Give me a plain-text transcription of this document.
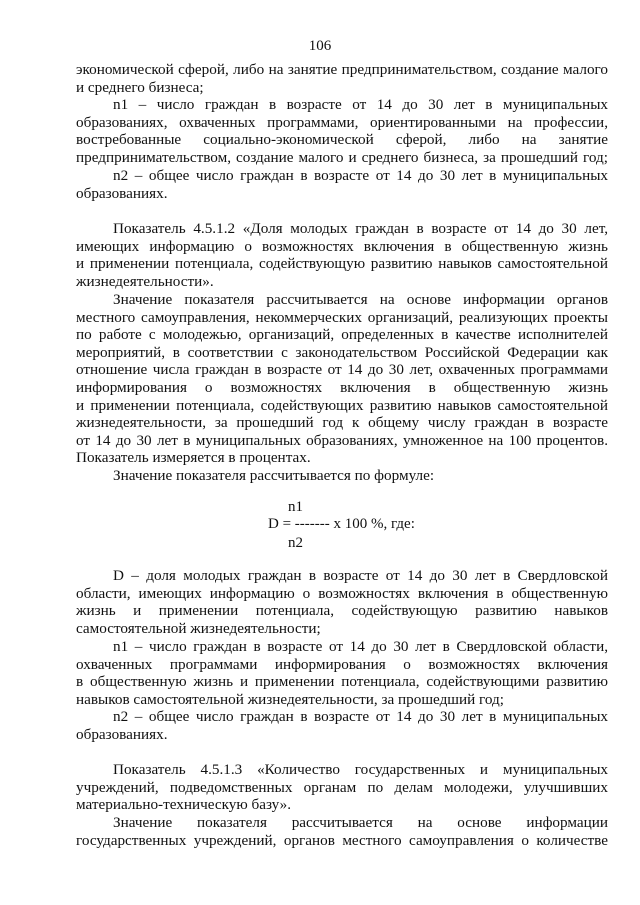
106
экономической сферой, либо на занятие предпринимательством, создание малого
и среднего бизнеса;
n1 – число граждан в возрасте от 14 до 30 лет в муниципальных
образованиях, охваченных программами, ориентированными на профессии,
востребованные социально-экономической сферой, либо на занятие
предпринимательством, создание малого и среднего бизнеса, за прошедший год;
n2 – общее число граждан в возрасте от 14 до 30 лет в муниципальных
образованиях.
Показатель 4.5.1.2 «Доля молодых граждан в возрасте от 14 до 30 лет,
имеющих информацию о возможностях включения в общественную жизнь
и применении потенциала, содействующую развитию навыков самостоятельной
жизнедеятельности».
Значение показателя рассчитывается на основе информации органов
местного самоуправления, некоммерческих организаций, реализующих проекты
по работе с молодежью, организаций, определенных в качестве исполнителей
мероприятий, в соответствии с законодательством Российской Федерации как
отношение числа граждан в возрасте от 14 до 30 лет, охваченных программами
информирования о возможностях включения в общественную жизнь
и применении потенциала, содействующих развитию навыков самостоятельной
жизнедеятельности, за прошедший год к общему числу граждан в возрасте
от 14 до 30 лет в муниципальных образованиях, умноженное на 100 процентов.
Показатель измеряется в процентах.
Значение показателя рассчитывается по формуле:
n1
D = ------- x 100 %, где:
n2
D – доля молодых граждан в возрасте от 14 до 30 лет в Свердловской
области, имеющих информацию о возможностях включения в общественную
жизнь и применении потенциала, содействующую развитию навыков
самостоятельной жизнедеятельности;
n1 – число граждан в возрасте от 14 до 30 лет в Свердловской области,
охваченных программами информирования о возможностях включения
в общественную жизнь и применении потенциала, содействующими развитию
навыков самостоятельной жизнедеятельности, за прошедший год;
n2 – общее число граждан в возрасте от 14 до 30 лет в муниципальных
образованиях.
Показатель 4.5.1.3 «Количество государственных и муниципальных
учреждений, подведомственных органам по делам молодежи, улучшивших
материально-техническую базу».
Значение показателя рассчитывается на основе информации
государственных учреждений, органов местного самоуправления о количестве
